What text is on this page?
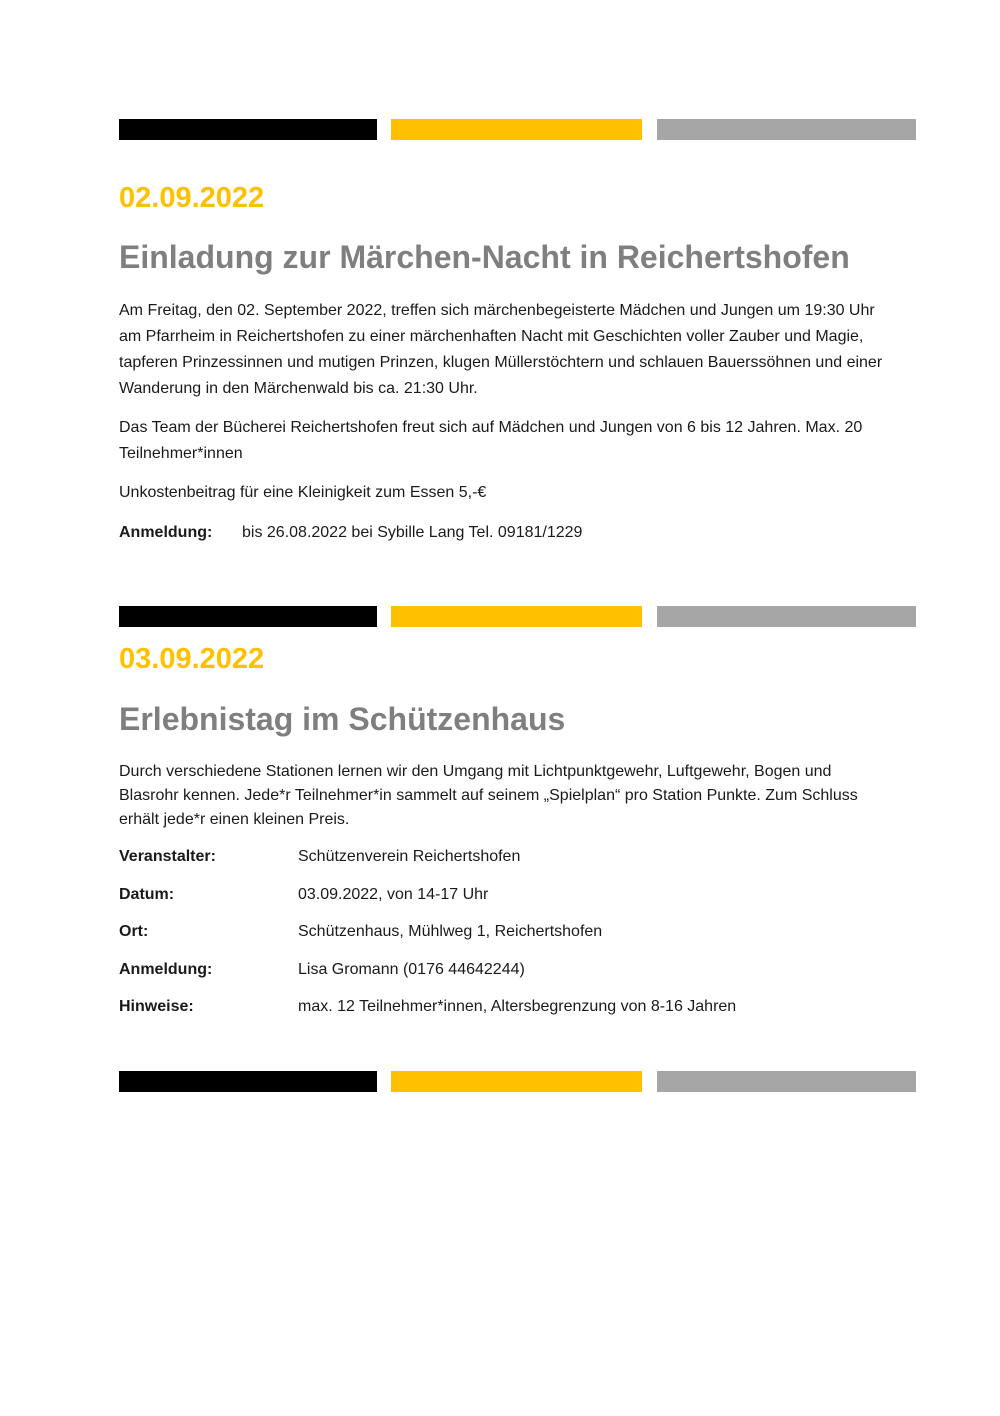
02.09.2022
Einladung zur Märchen-Nacht in Reichertshofen

Am Freitag, den 02. September 2022, treffen sich märchenbegeisterte Mädchen und Jungen um 19:30 Uhr am Pfarrheim in Reichertshofen zu einer märchenhaften Nacht mit Geschichten voller Zauber und Magie, tapferen Prinzessinnen und mutigen Prinzen, klugen Müllerstöchtern und schlauen Bauerssöhnen und einer Wanderung in den Märchenwald bis ca. 21:30 Uhr.

Das Team der Bücherei Reichertshofen freut sich auf Mädchen und Jungen von 6 bis 12 Jahren. Max. 20 Teilnehmer*innen

Unkostenbeitrag für eine Kleinigkeit zum Essen 5,-€

Anmeldung: bis 26.08.2022 bei Sybille Lang Tel. 09181/1229
03.09.2022
Erlebnistag im Schützenhaus

Durch verschiedene Stationen lernen wir den Umgang mit Lichtpunktgewehr, Luftgewehr, Bogen und Blasrohr kennen. Jede*r Teilnehmer*in sammelt auf seinem „Spielplan“ pro Station Punkte. Zum Schluss erhält jede*r einen kleinen Preis.

Veranstalter:	Schützenverein Reichertshofen
Datum:	03.09.2022, von 14-17 Uhr
Ort:	Schützenhaus, Mühlweg 1, Reichertshofen
Anmeldung:	Lisa Gromann (0176 44642244)
Hinweise:	max. 12 Teilnehmer*innen, Altersbegrenzung von 8-16 Jahren
